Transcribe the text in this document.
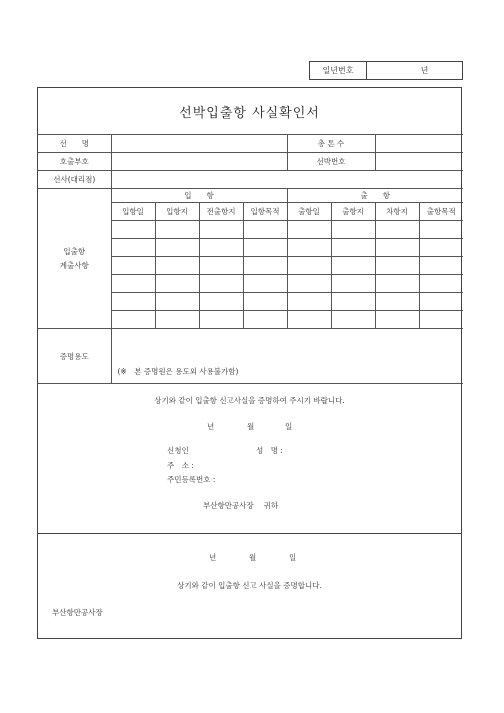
일년번호	년
선박입출항 사실확인서
선　　명					총 톤 수			
호출부호					선박번호			
선사(대리점)								
입출항
계출사항	입　　항				출　　항			
	입항일	입항지	전출항지	입항목적	출항일	출항지	차항지	출항목적

증명용도	(※　본 증명원은 용도외 사용불가함)							
상기와 같이 입출항 신고사실을 증명하여 주시기 바랍니다.
년	월	일
신청인	성　명 :
주　소 :
주민등록번호 :
부산항만공사장　 귀하
년	월	일
상기와 같이 입출항 신고 사실을 증명합니다.
부산항만공사장
